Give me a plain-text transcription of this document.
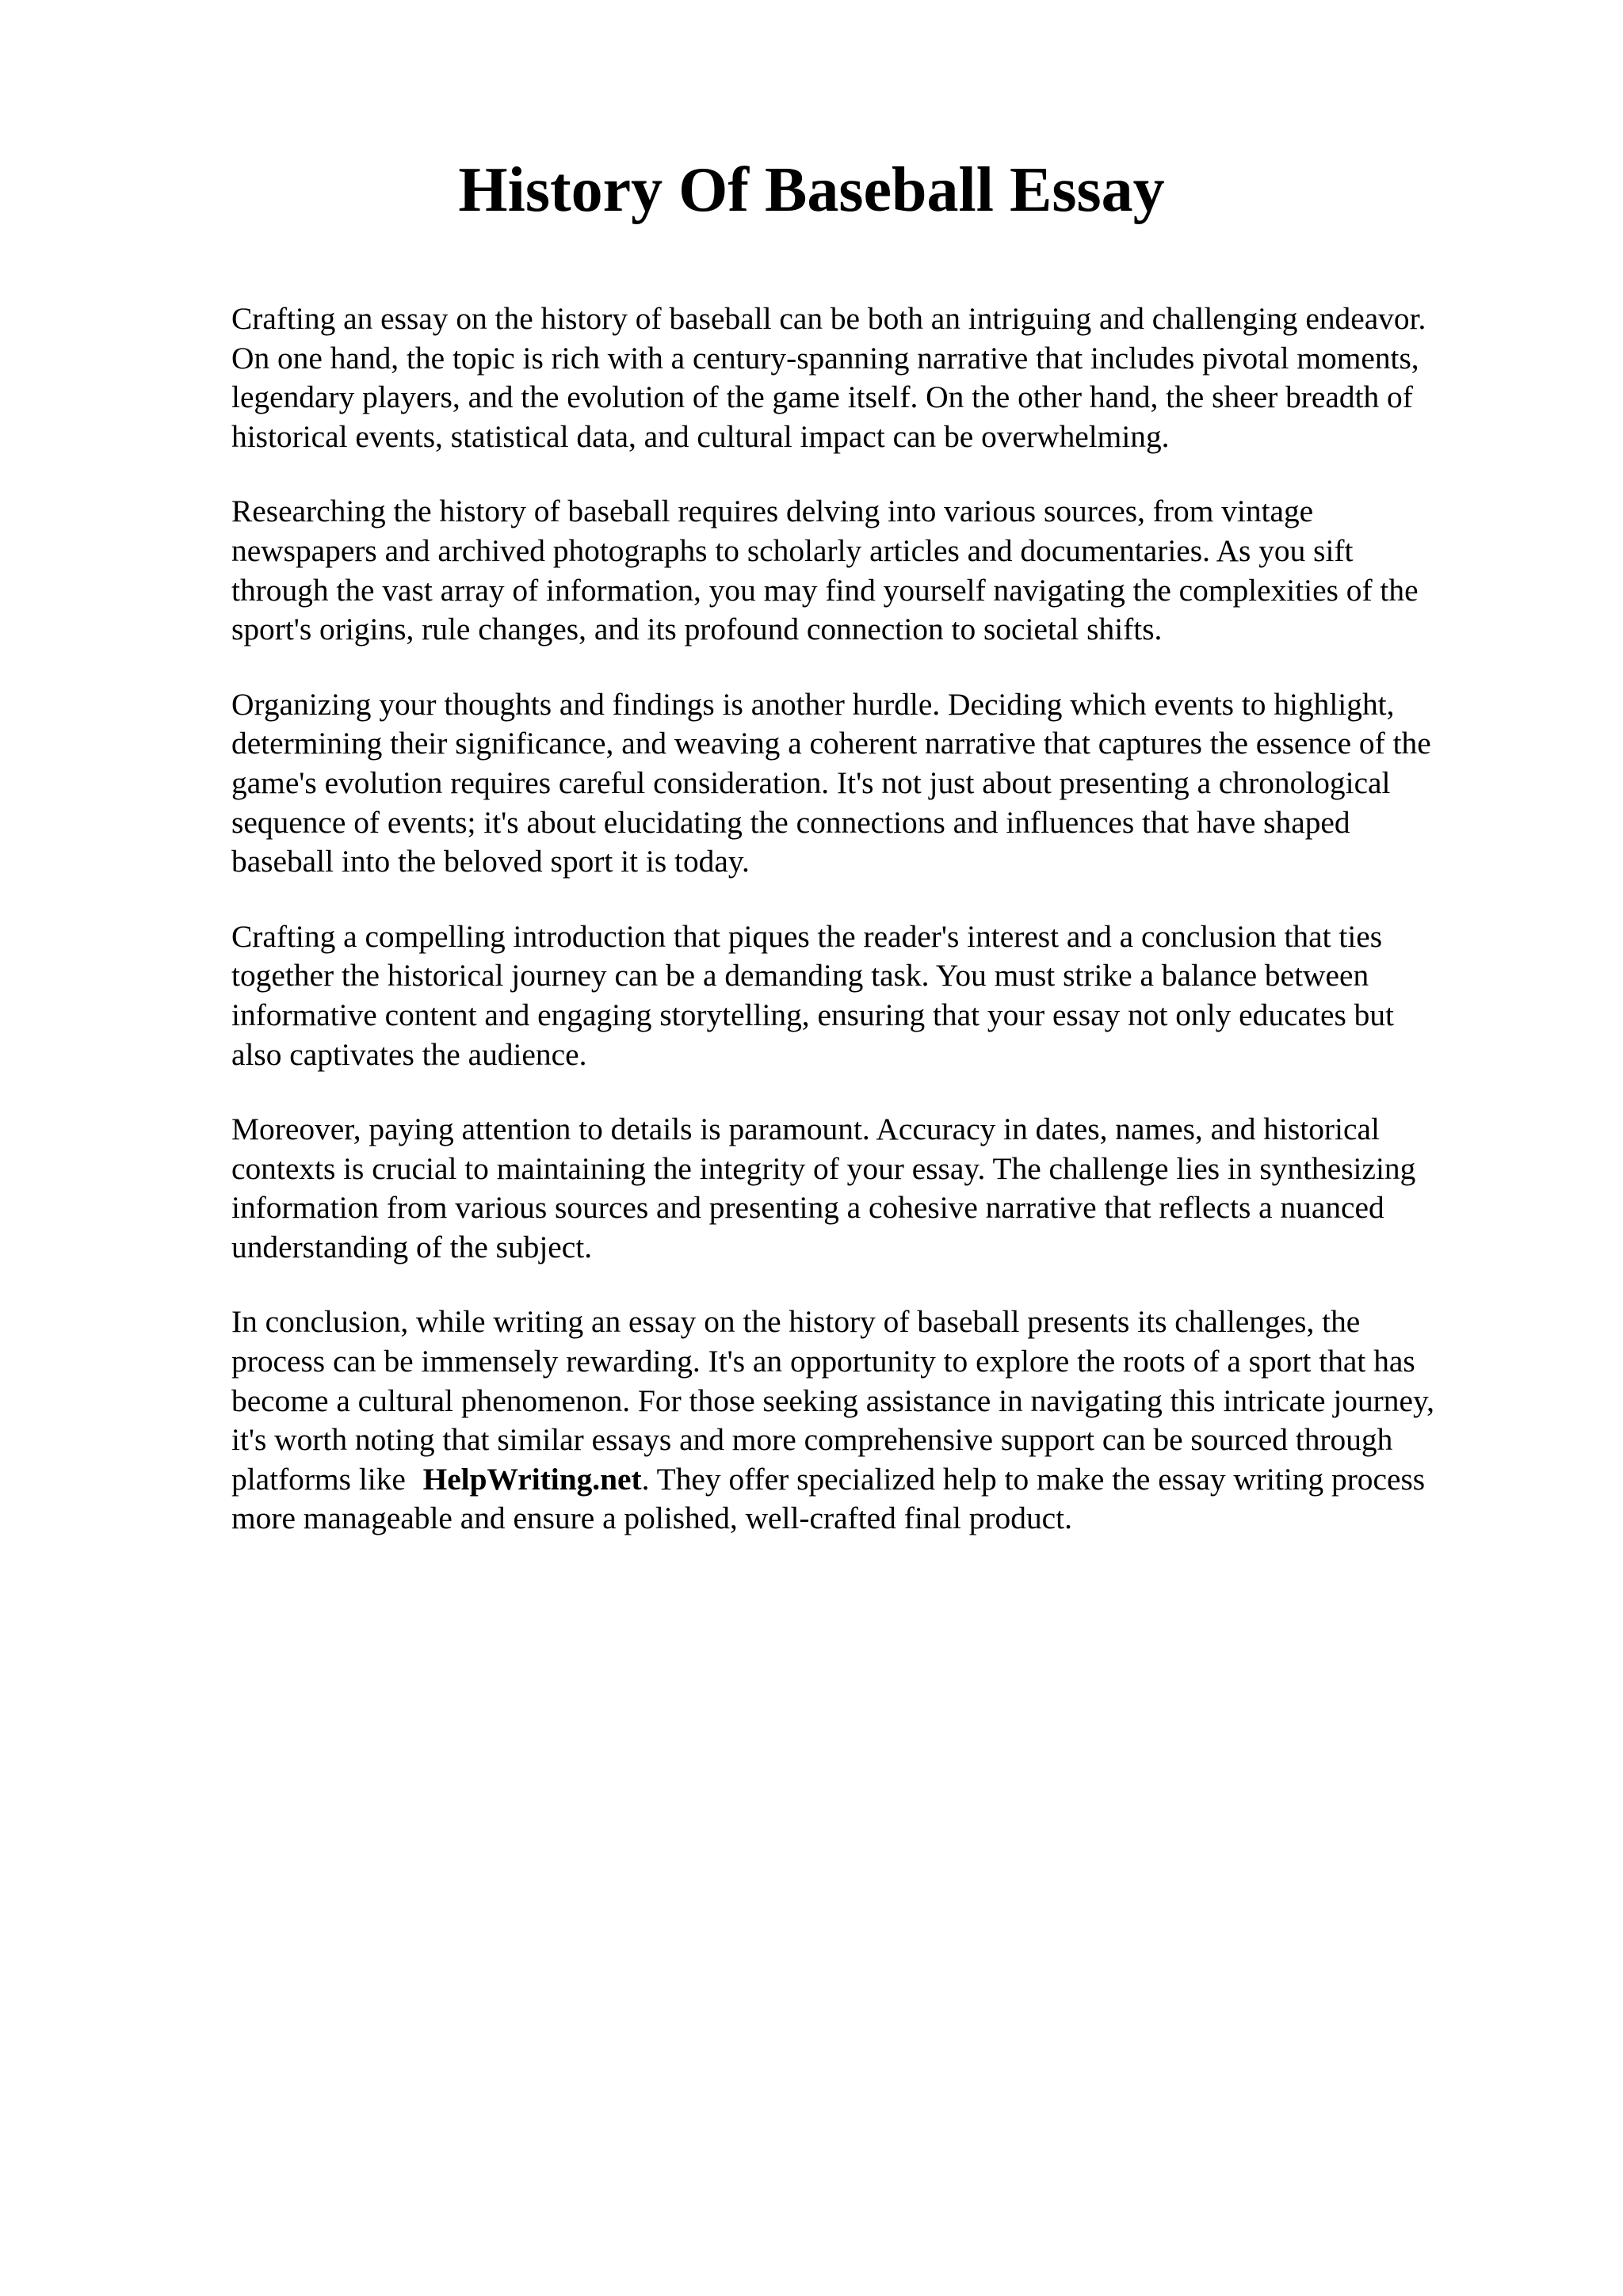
History Of Baseball Essay

Crafting an essay on the history of baseball can be both an intriguing and challenging endeavor.
On one hand, the topic is rich with a century-spanning narrative that includes pivotal moments,
legendary players, and the evolution of the game itself. On the other hand, the sheer breadth of
historical events, statistical data, and cultural impact can be overwhelming.

Researching the history of baseball requires delving into various sources, from vintage
newspapers and archived photographs to scholarly articles and documentaries. As you sift
through the vast array of information, you may find yourself navigating the complexities of the
sport's origins, rule changes, and its profound connection to societal shifts.

Organizing your thoughts and findings is another hurdle. Deciding which events to highlight,
determining their significance, and weaving a coherent narrative that captures the essence of the
game's evolution requires careful consideration. It's not just about presenting a chronological
sequence of events; it's about elucidating the connections and influences that have shaped
baseball into the beloved sport it is today.

Crafting a compelling introduction that piques the reader's interest and a conclusion that ties
together the historical journey can be a demanding task. You must strike a balance between
informative content and engaging storytelling, ensuring that your essay not only educates but
also captivates the audience.

Moreover, paying attention to details is paramount. Accuracy in dates, names, and historical
contexts is crucial to maintaining the integrity of your essay. The challenge lies in synthesizing
information from various sources and presenting a cohesive narrative that reflects a nuanced
understanding of the subject.

In conclusion, while writing an essay on the history of baseball presents its challenges, the
process can be immensely rewarding. It's an opportunity to explore the roots of a sport that has
become a cultural phenomenon. For those seeking assistance in navigating this intricate journey,
it's worth noting that similar essays and more comprehensive support can be sourced through
platforms like HelpWriting.net. They offer specialized help to make the essay writing process
more manageable and ensure a polished, well-crafted final product.
